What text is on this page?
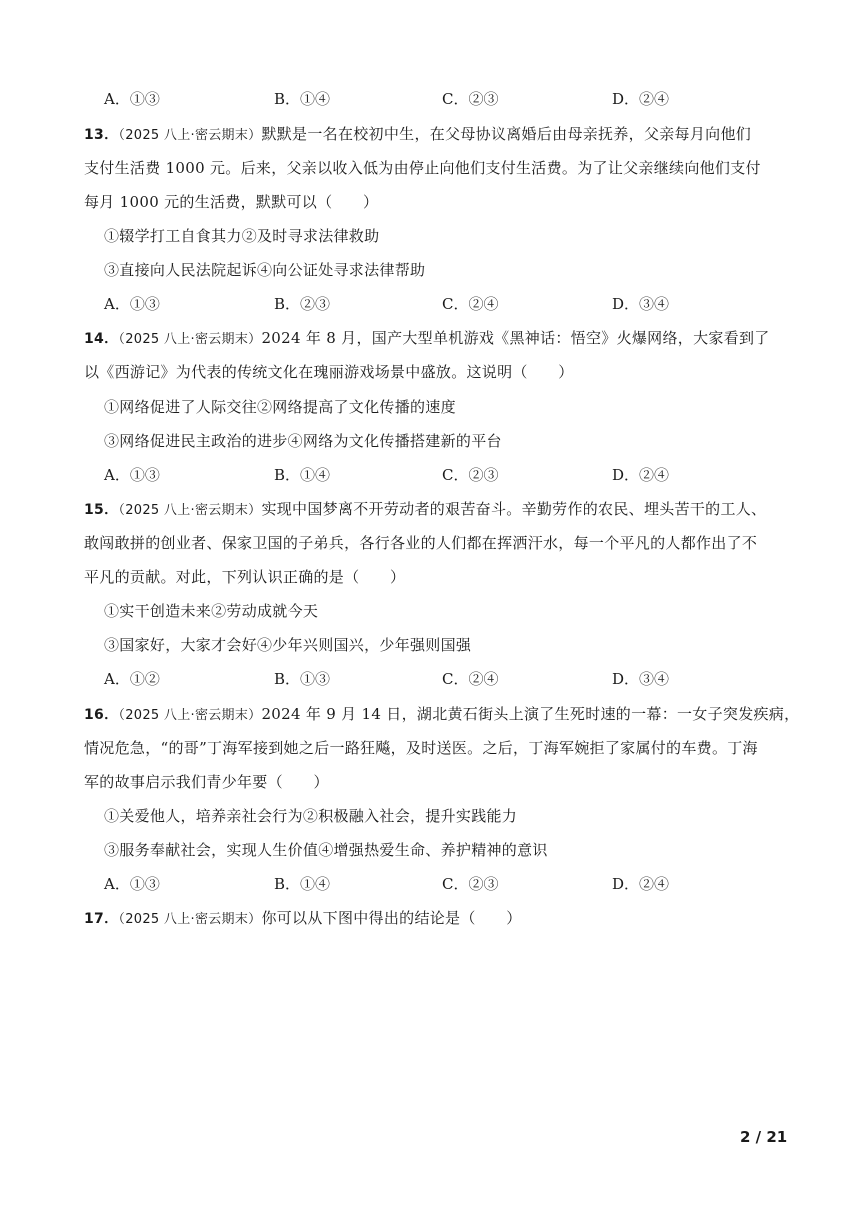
A．①③	B．①④	C．②③	D．②④
13．（2025 八上·密云期末）默默是一名在校初中生，在父母协议离婚后由母亲抚养，父亲每月向他们
支付生活费 1000 元。后来，父亲以收入低为由停止向他们支付生活费。为了让父亲继续向他们支付
每月 1000 元的生活费，默默可以（　　）
①辍学打工自食其力②及时寻求法律救助
③直接向人民法院起诉④向公证处寻求法律帮助
A．①③	B．②③	C．②④	D．③④
14．（2025 八上·密云期末）2024 年 8 月，国产大型单机游戏《黑神话：悟空》火爆网络，大家看到了
以《西游记》为代表的传统文化在瑰丽游戏场景中盛放。这说明（　　）
①网络促进了人际交往②网络提高了文化传播的速度
③网络促进民主政治的进步④网络为文化传播搭建新的平台
A．①③	B．①④	C．②③	D．②④
15．（2025 八上·密云期末）实现中国梦离不开劳动者的艰苦奋斗。辛勤劳作的农民、埋头苦干的工人、
敢闯敢拼的创业者、保家卫国的子弟兵，各行各业的人们都在挥洒汗水，每一个平凡的人都作出了不
平凡的贡献。对此，下列认识正确的是（　　）
①实干创造未来②劳动成就今天
③国家好，大家才会好④少年兴则国兴，少年强则国强
A．①②	B．①③	C．②④	D．③④
16．（2025 八上·密云期末）2024 年 9 月 14 日，湖北黄石街头上演了生死时速的一幕：一女子突发疾病，
情况危急，“的哥”丁海军接到她之后一路狂飚，及时送医。之后，丁海军婉拒了家属付的车费。丁海
军的故事启示我们青少年要（　　）
①关爱他人，培养亲社会行为②积极融入社会，提升实践能力
③服务奉献社会，实现人生价值④增强热爱生命、养护精神的意识
A．①③	B．①④	C．②③	D．②④
17．（2025 八上·密云期末）你可以从下图中得出的结论是（　　）
2 / 21
